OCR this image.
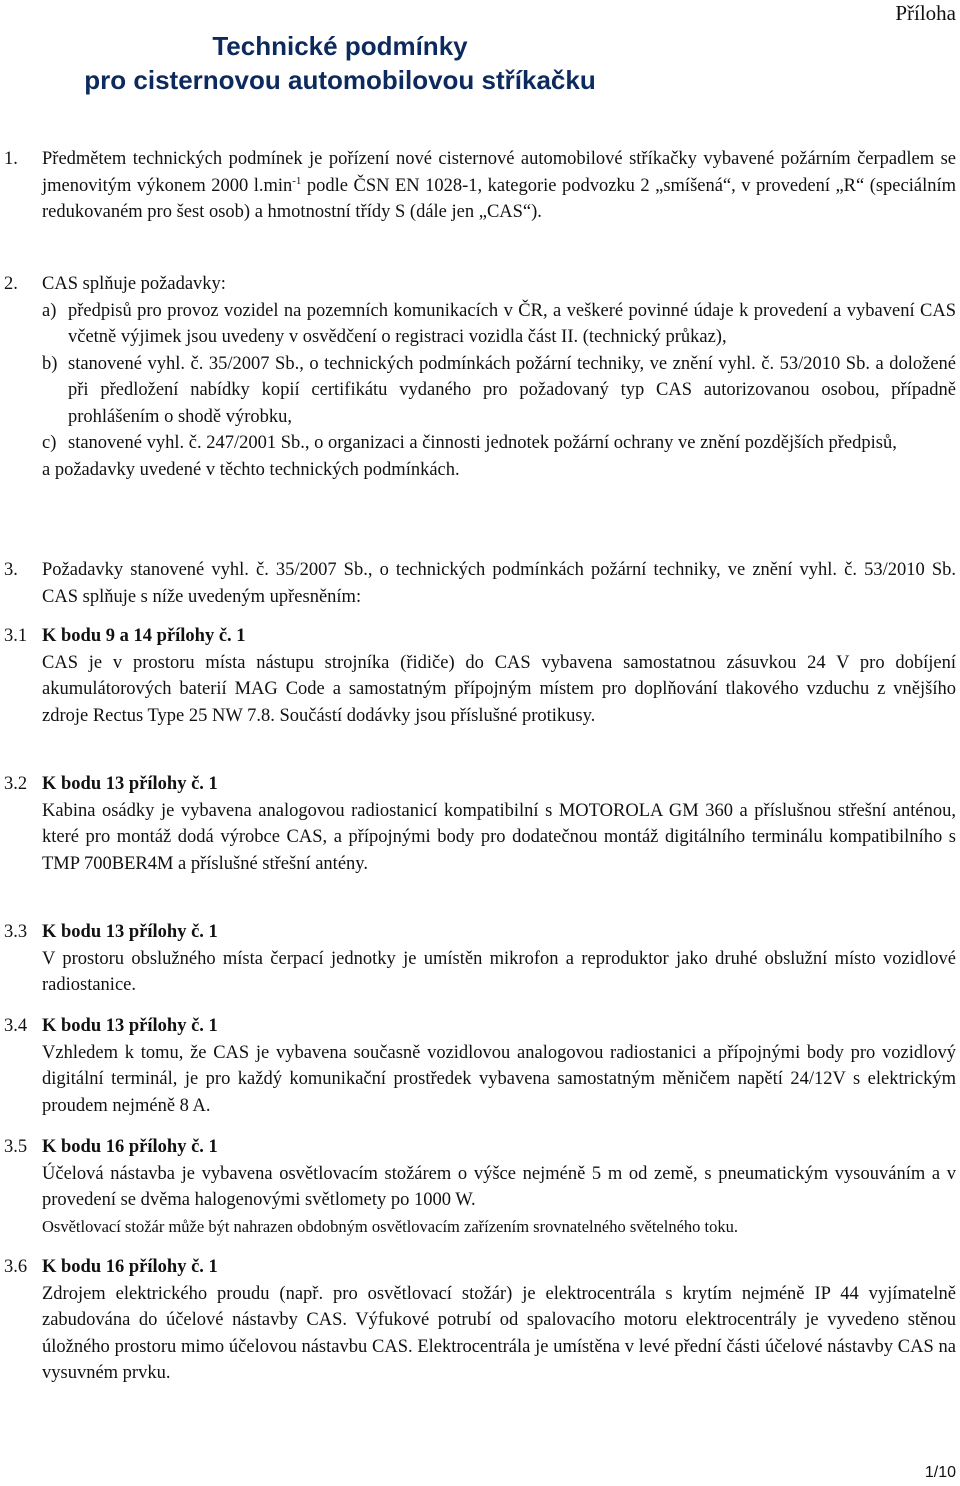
Příloha
Technické podmínky
pro cisternovou automobilovou stříkačku
1. Předmětem technických podmínek je pořízení nové cisternové automobilové stříkačky vybavené požárním čerpadlem se jmenovitým výkonem 2000 $l.\min^{-1}$ podle ČSN EN 1028-1, kategorie podvozku 2 „smíšená“, v provedení „R“ (speciálním redukovaném pro šest osob) a hmotnostní třídy S (dále jen „CAS“).
2. CAS splňuje požadavky:

a) předpisů pro provoz vozidel na pozemních komunikacích v ČR, a veškeré povinné údaje k provedení a vybavení CAS včetně výjimek jsou uvedeny v osvědčení o registraci vozidla část II. (technický průkaz),
b) stanovené vyhl. č. 35/2007 Sb., o technických podmínkách požární techniky, ve znění vyhl. č. 53/2010 Sb. a doložené při předložení nabídky kopií certifikátu vydaného pro požadovaný typ CAS autorizovanou osobou, případně prohlášením o shodě výrobku,
c) stanovené vyhl. č. 247/2001 Sb., o organizaci a činnosti jednotek požární ochrany ve znění pozdějších předpisů,

a požadavky uvedené v těchto technických podmínkách.

3. Požadavky stanovené vyhl. č. 35/2007 Sb., o technických podmínkách požární techniky, ve znění vyhl. č. 53/2010 Sb. CAS splňuje s níže uvedeným upřesněním:
3.1 K bodu 9 a 14 přílohy č. 1

CAS je v prostoru místa nástupu strojníka (řidiče) do CAS vybavena samostatnou zásuvkou 24 V pro dobíjení akumulátorových baterií MAG Code a samostatným přípojným místem pro doplňování tlakového vzduchu z vnějšího zdroje Rectus Type 25 NW 7.8. Součástí dodávky jsou příslušné protikusy.

3.2 K bodu 13 přílohy č. 1

Kabina osádky je vybavena analogovou radiostanicí kompatibilní s MOTOROLA GM 360 a příslušnou střešní anténou, které pro montáž dodá výrobce CAS, a přípojnými body pro dodatečnou montáž digitálního terminálu kompatibilního s TMP 700BER4M a příslušné střešní antény.

3.3 K bodu 13 přílohy č. 1

V prostoru obslužného místa čerpací jednotky je umístěn mikrofon a reproduktor jako druhé obslužní místo vozidlové radiostanice.

3.4 K bodu 13 přílohy č. 1

Vzhledem k tomu, že CAS je vybavena současně vozidlovou analogovou radiostanici a přípojnými body pro vozidlový digitální terminál, je pro každý komunikační prostředek vybavena samostatným měničem napětí 24/12V s elektrickým proudem nejméně 8 A.

3.5 K bodu 16 přílohy č. 1

Účelová nástavba je vybavena osvětlovacím stožárem o výšce nejméně 5 m od země, s pneumatickým vysouváním a v provedení se dvěma halogenovými světlomety po 1000 W.

Osvětlovací stožár může být nahrazen obdobným osvětlovacím zařízením srovnatelného světelného toku.

3.6 K bodu 16 přílohy č. 1

Zdrojem elektrického proudu (např. pro osvětlovací stožár) je elektrocentrála s krytím nejméně IP 44 vyjímatelně zabudována do účelové nástavby CAS. Výfukové potrubí od spalovacího motoru elektrocentrály je vyvedeno stěnou úložného prostoru mimo účelovou nástavbu CAS. Elektrocentrála je umístěna v levé přední části účelové nástavby CAS na vysuvném prvku.

1/10
